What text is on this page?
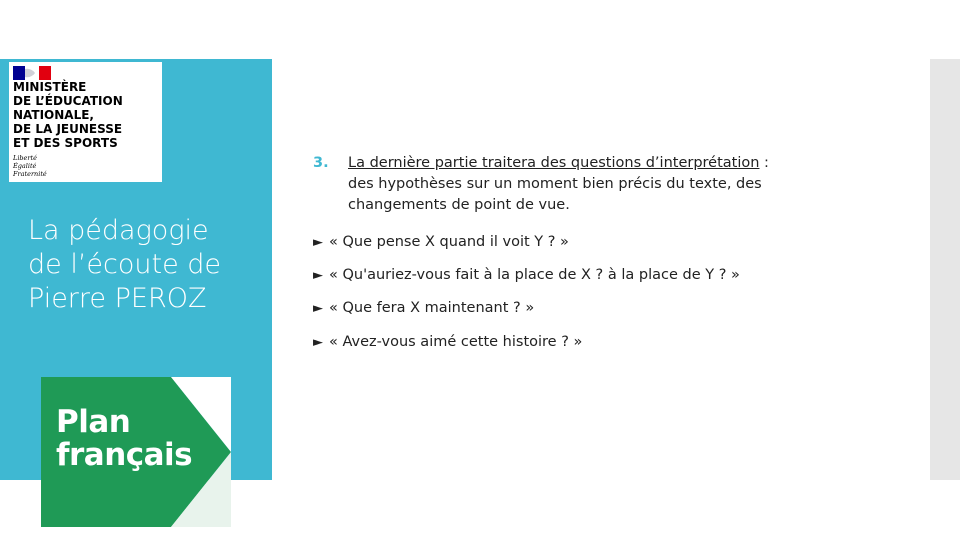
MINISTÈRE
DE L’ÉDUCATION
NATIONALE,
DE LA JEUNESSE
ET DES SPORTS
Liberté
Égalité
Fraternité
La pédagogie
de l’écoute de
Pierre PEROZ
Plan
français
3. La dernière partie traitera des questions d’interprétation :
des hypothèses sur un moment bien précis du texte, des changements de point de vue.
► « Que pense X quand il voit Y ? »
► « Qu'auriez-vous fait à la place de X ? à la place de Y ? »
► « Que fera X maintenant ? »
► « Avez-vous aimé cette histoire ? »
